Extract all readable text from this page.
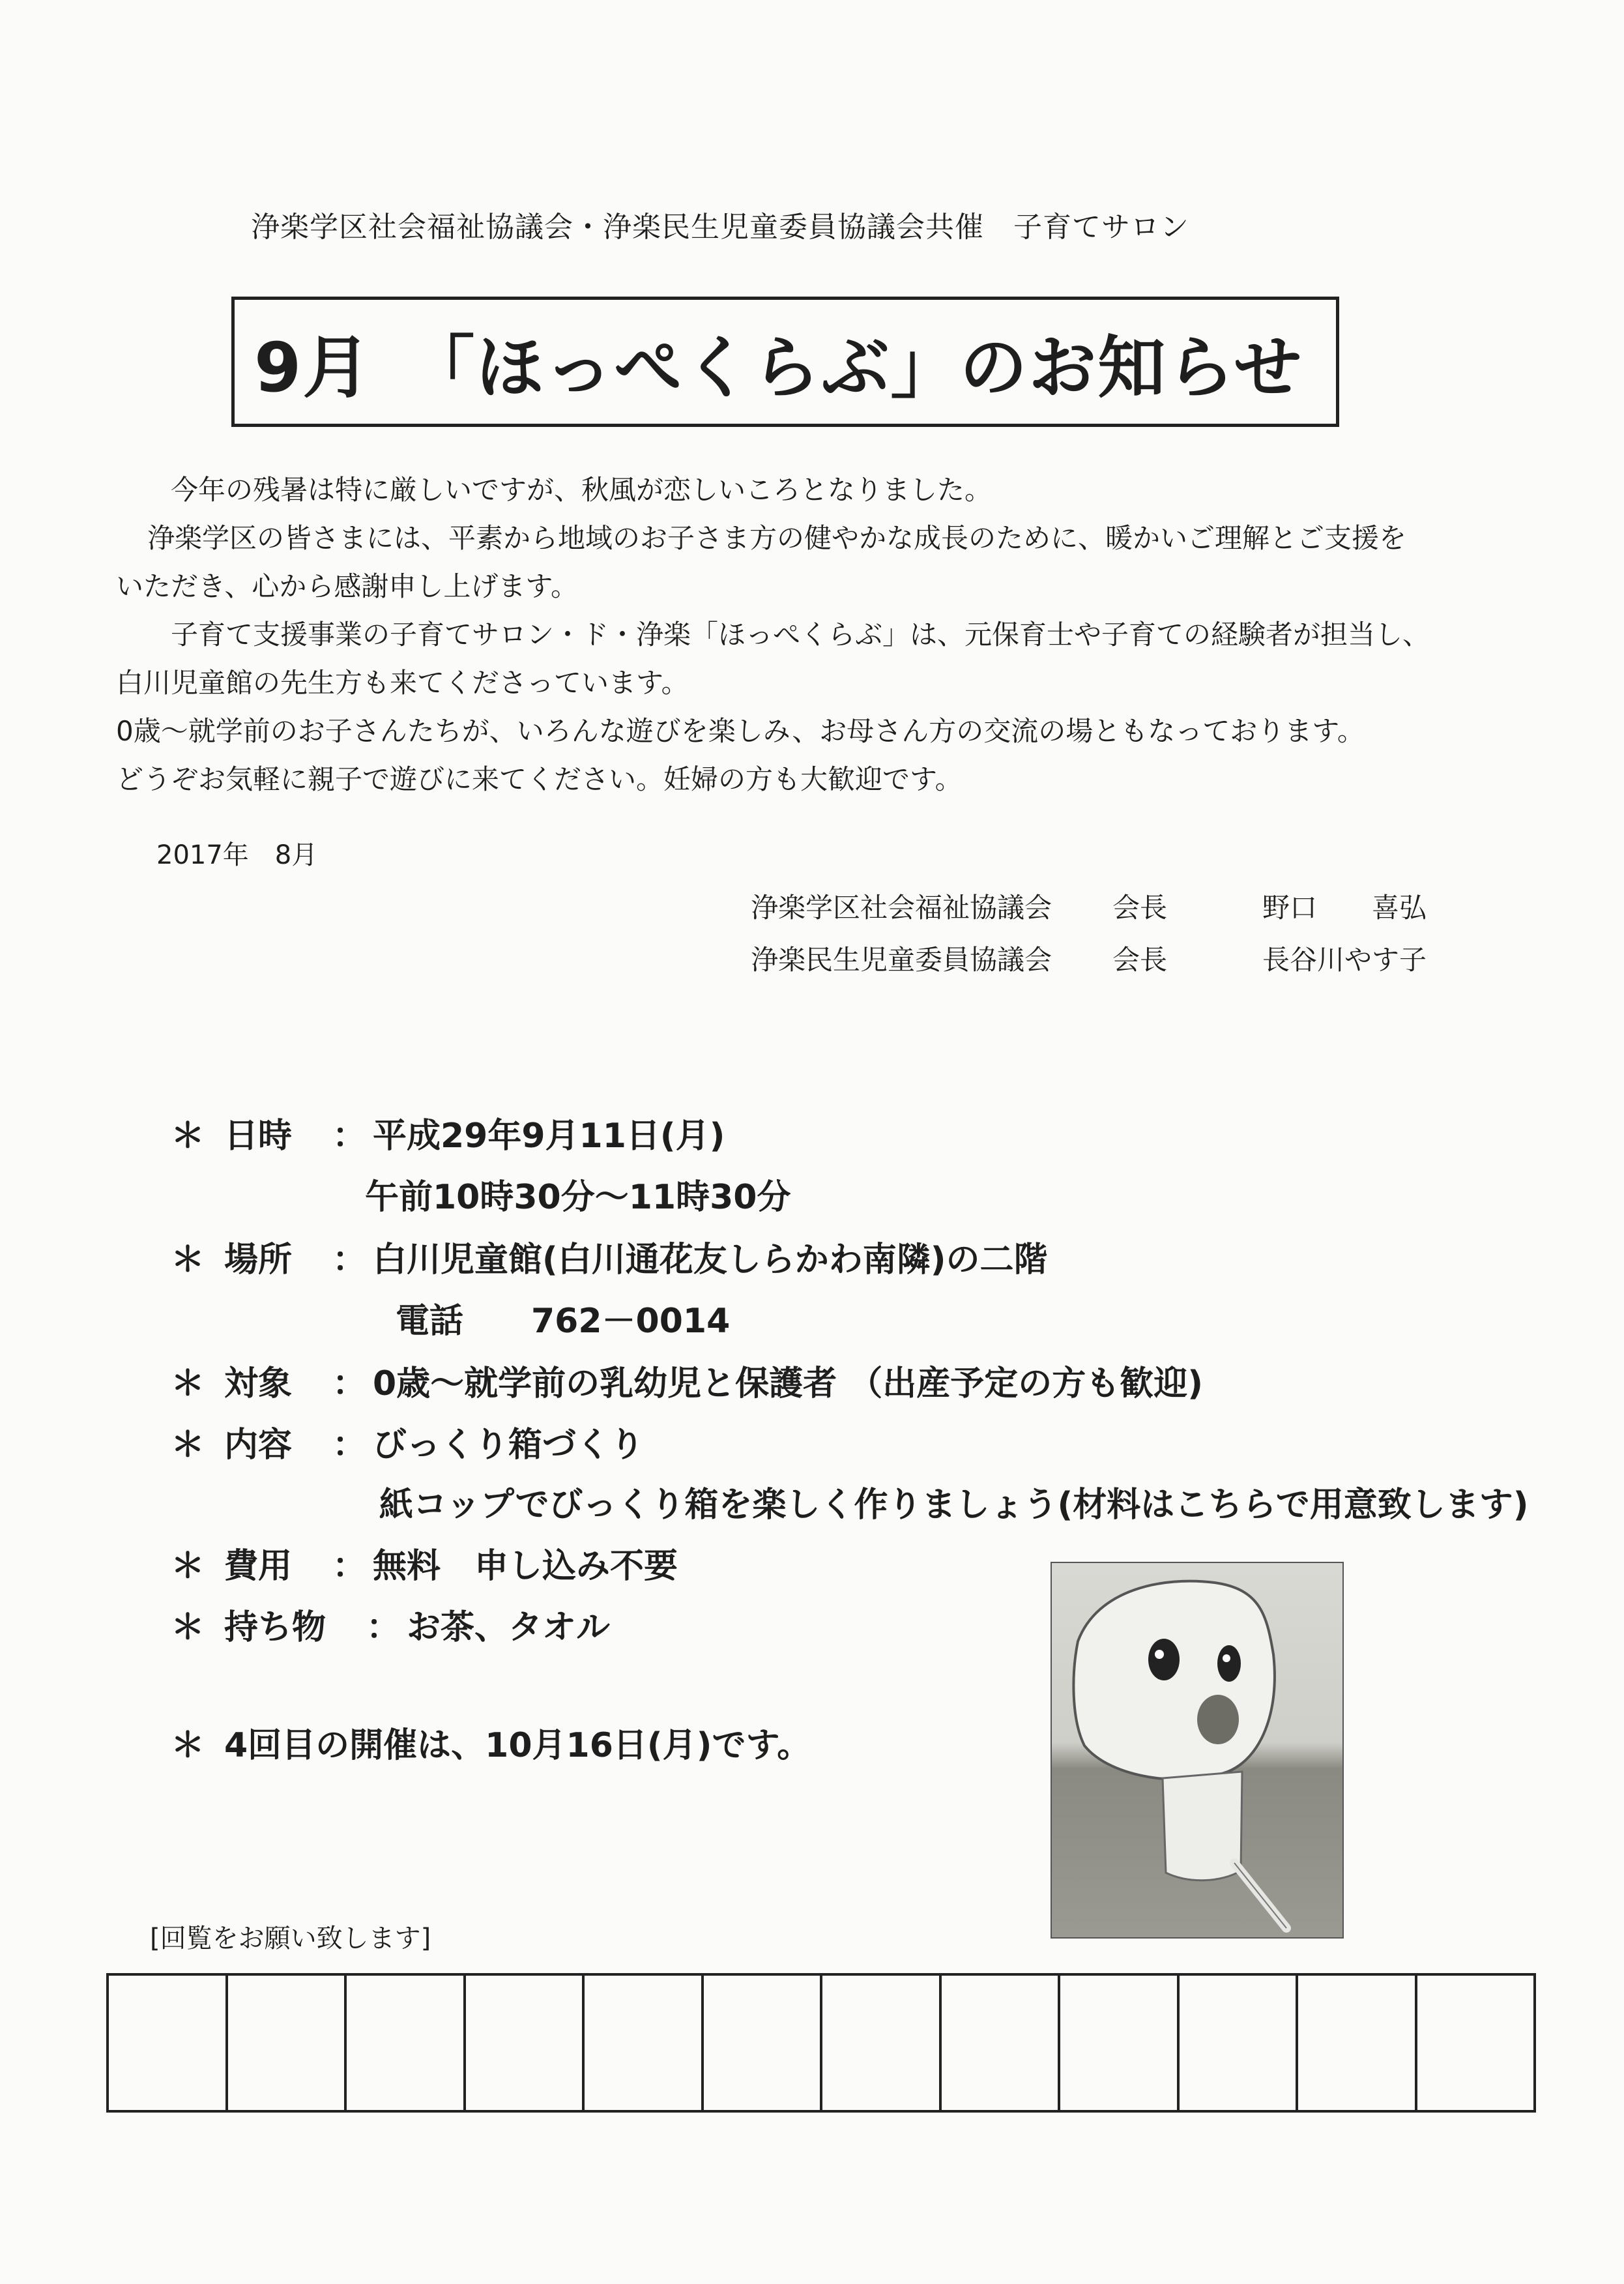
浄楽学区社会福祉協議会・浄楽民生児童委員協議会共催　子育てサロン
9月　「ほっぺくらぶ」のお知らせ

今年の残暑は特に厳しいですが、秋風が恋しいころとなりました。

浄楽学区の皆さまには、平素から地域のお子さま方の健やかな成長のために、暖かいご理解とご支援を

いただき、心から感謝申し上げます。

子育て支援事業の子育てサロン・ド・浄楽「ほっぺくらぶ」は、元保育士や子育ての経験者が担当し、

白川児童館の先生方も来てくださっています。

0歳～就学前のお子さんたちが、いろんな遊びを楽しみ、お母さん方の交流の場ともなっております。

どうぞお気軽に親子で遊びに来てください。妊婦の方も大歓迎です。

2017年　8月
浄楽学区社会福祉協議会 会長	野口　　喜弘
浄楽民生児童委員協議会 会長	長谷川やす子
＊ 日時 ： 平成29年9月11日(月)
午前10時30分～11時30分
＊ 場所 ： 白川児童館(白川通花友しらかわ南隣)の二階
電話　　762－0014
＊ 対象 ： 0歳～就学前の乳幼児と保護者 （出産予定の方も歓迎)
＊ 内容 ： びっくり箱づくり
紙コップでびっくり箱を楽しく作りましょう(材料はこちらで用意致します)
＊ 費用 ： 無料　申し込み不要
＊ 持ち物 ： お茶、タオル
＊ 4回目の開催は、10月16日(月)です。
[回覧をお願い致します]
